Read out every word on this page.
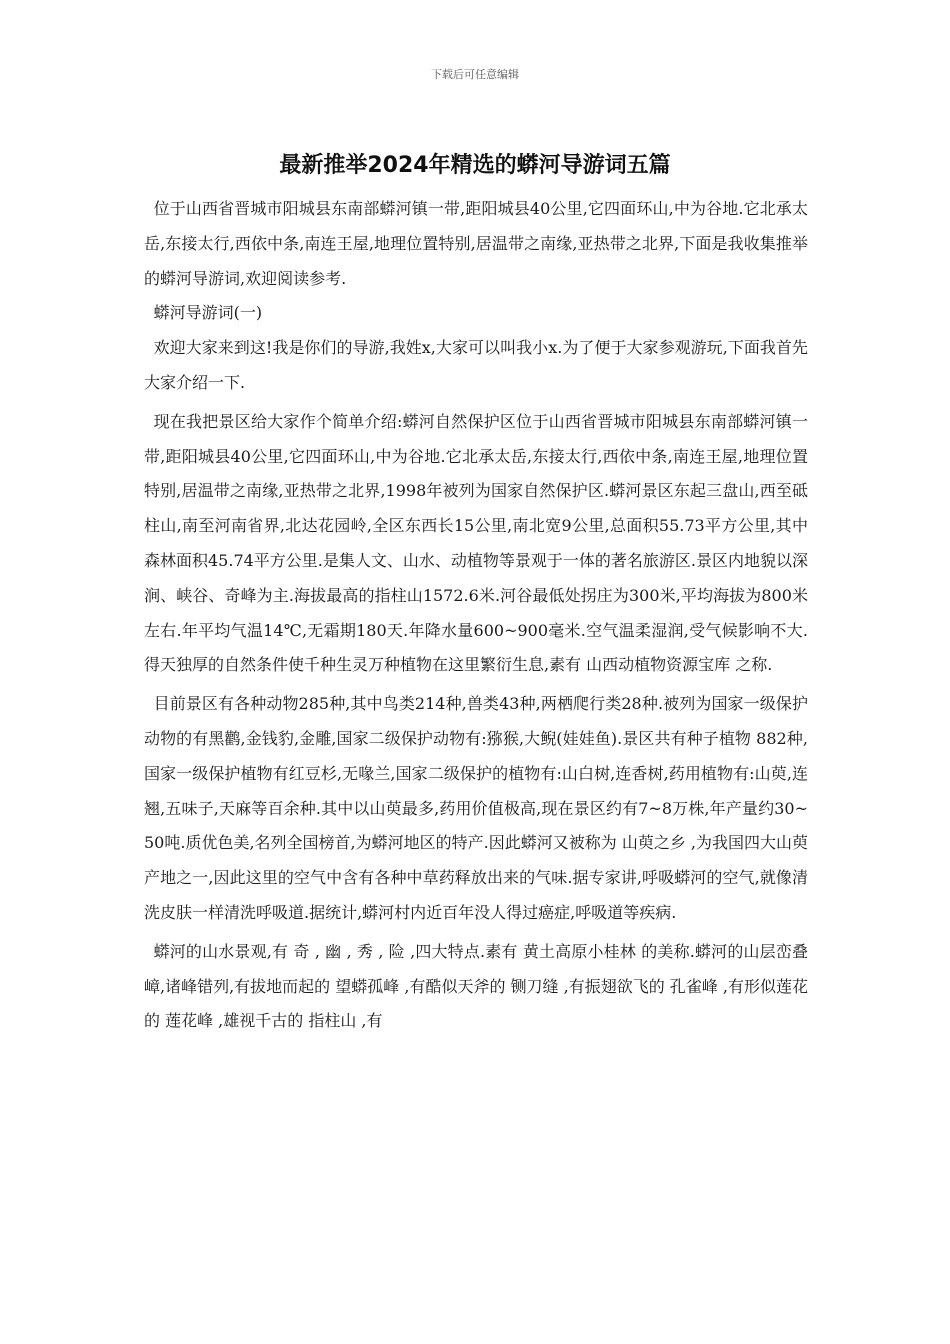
下载后可任意编辑
最新推举2024年精选的蟒河导游词五篇

位于山西省晋城市阳城县东南部蟒河镇一带,距阳城县40公里,它四面环山,中为谷地.它北承太岳,东接太行,西依中条,南连王屋,地理位置特别,居温带之南缘,亚热带之北界,下面是我收集推举的蟒河导游词,欢迎阅读参考.

蟒河导游词(一)

欢迎大家来到这!我是你们的导游,我姓x,大家可以叫我小x.为了便于大家参观游玩,下面我首先大家介绍一下.

现在我把景区给大家作个简单介绍:蟒河自然保护区位于山西省晋城市阳城县东南部蟒河镇一带,距阳城县40公里,它四面环山,中为谷地.它北承太岳,东接太行,西依中条,南连王屋,地理位置特别,居温带之南缘,亚热带之北界,1998年被列为国家自然保护区.蟒河景区东起三盘山,西至砥柱山,南至河南省界,北达花园岭,全区东西长15公里,南北宽9公里,总面积55.73平方公里,其中森林面积45.74平方公里.是集人文、山水、动植物等景观于一体的著名旅游区.景区内地貌以深涧、峡谷、奇峰为主.海拔最高的指柱山1572.6米.河谷最低处拐庄为300米,平均海拔为800米左右.年平均气温14℃,无霜期180天.年降水量600~900毫米.空气温柔湿润,受气候影响不大.得天独厚的自然条件使千种生灵万种植物在这里繁衍生息,素有 山西动植物资源宝库 之称.

目前景区有各种动物285种,其中鸟类214种,兽类43种,两栖爬行类28种.被列为国家一级保护动物的有黑鹳,金钱豹,金雕,国家二级保护动物有:猕猴,大鲵(娃娃鱼).景区共有种子植物 882种,国家一级保护植物有红豆杉,无喙兰,国家二级保护的植物有:山白树,连香树,药用植物有:山萸,连翘,五味子,天麻等百余种.其中以山萸最多,药用价值极高,现在景区约有7~8万株,年产量约30~50吨.质优色美,名列全国榜首,为蟒河地区的特产.因此蟒河又被称为 山萸之乡 ,为我国四大山萸产地之一,因此这里的空气中含有各种中草药释放出来的气味.据专家讲,呼吸蟒河的空气,就像清洗皮肤一样清洗呼吸道.据统计,蟒河村内近百年没人得过癌症,呼吸道等疾病.

蟒河的山水景观,有 奇 , 幽 , 秀 , 险 ,四大特点.素有 黄土高原小桂林 的美称.蟒河的山层峦叠嶂,诸峰错列,有拔地而起的 望蟒孤峰 ,有酷似天斧的 铡刀缝 ,有振翅欲飞的 孔雀峰 ,有形似莲花的 莲花峰 ,雄视千古的 指柱山 ,有
